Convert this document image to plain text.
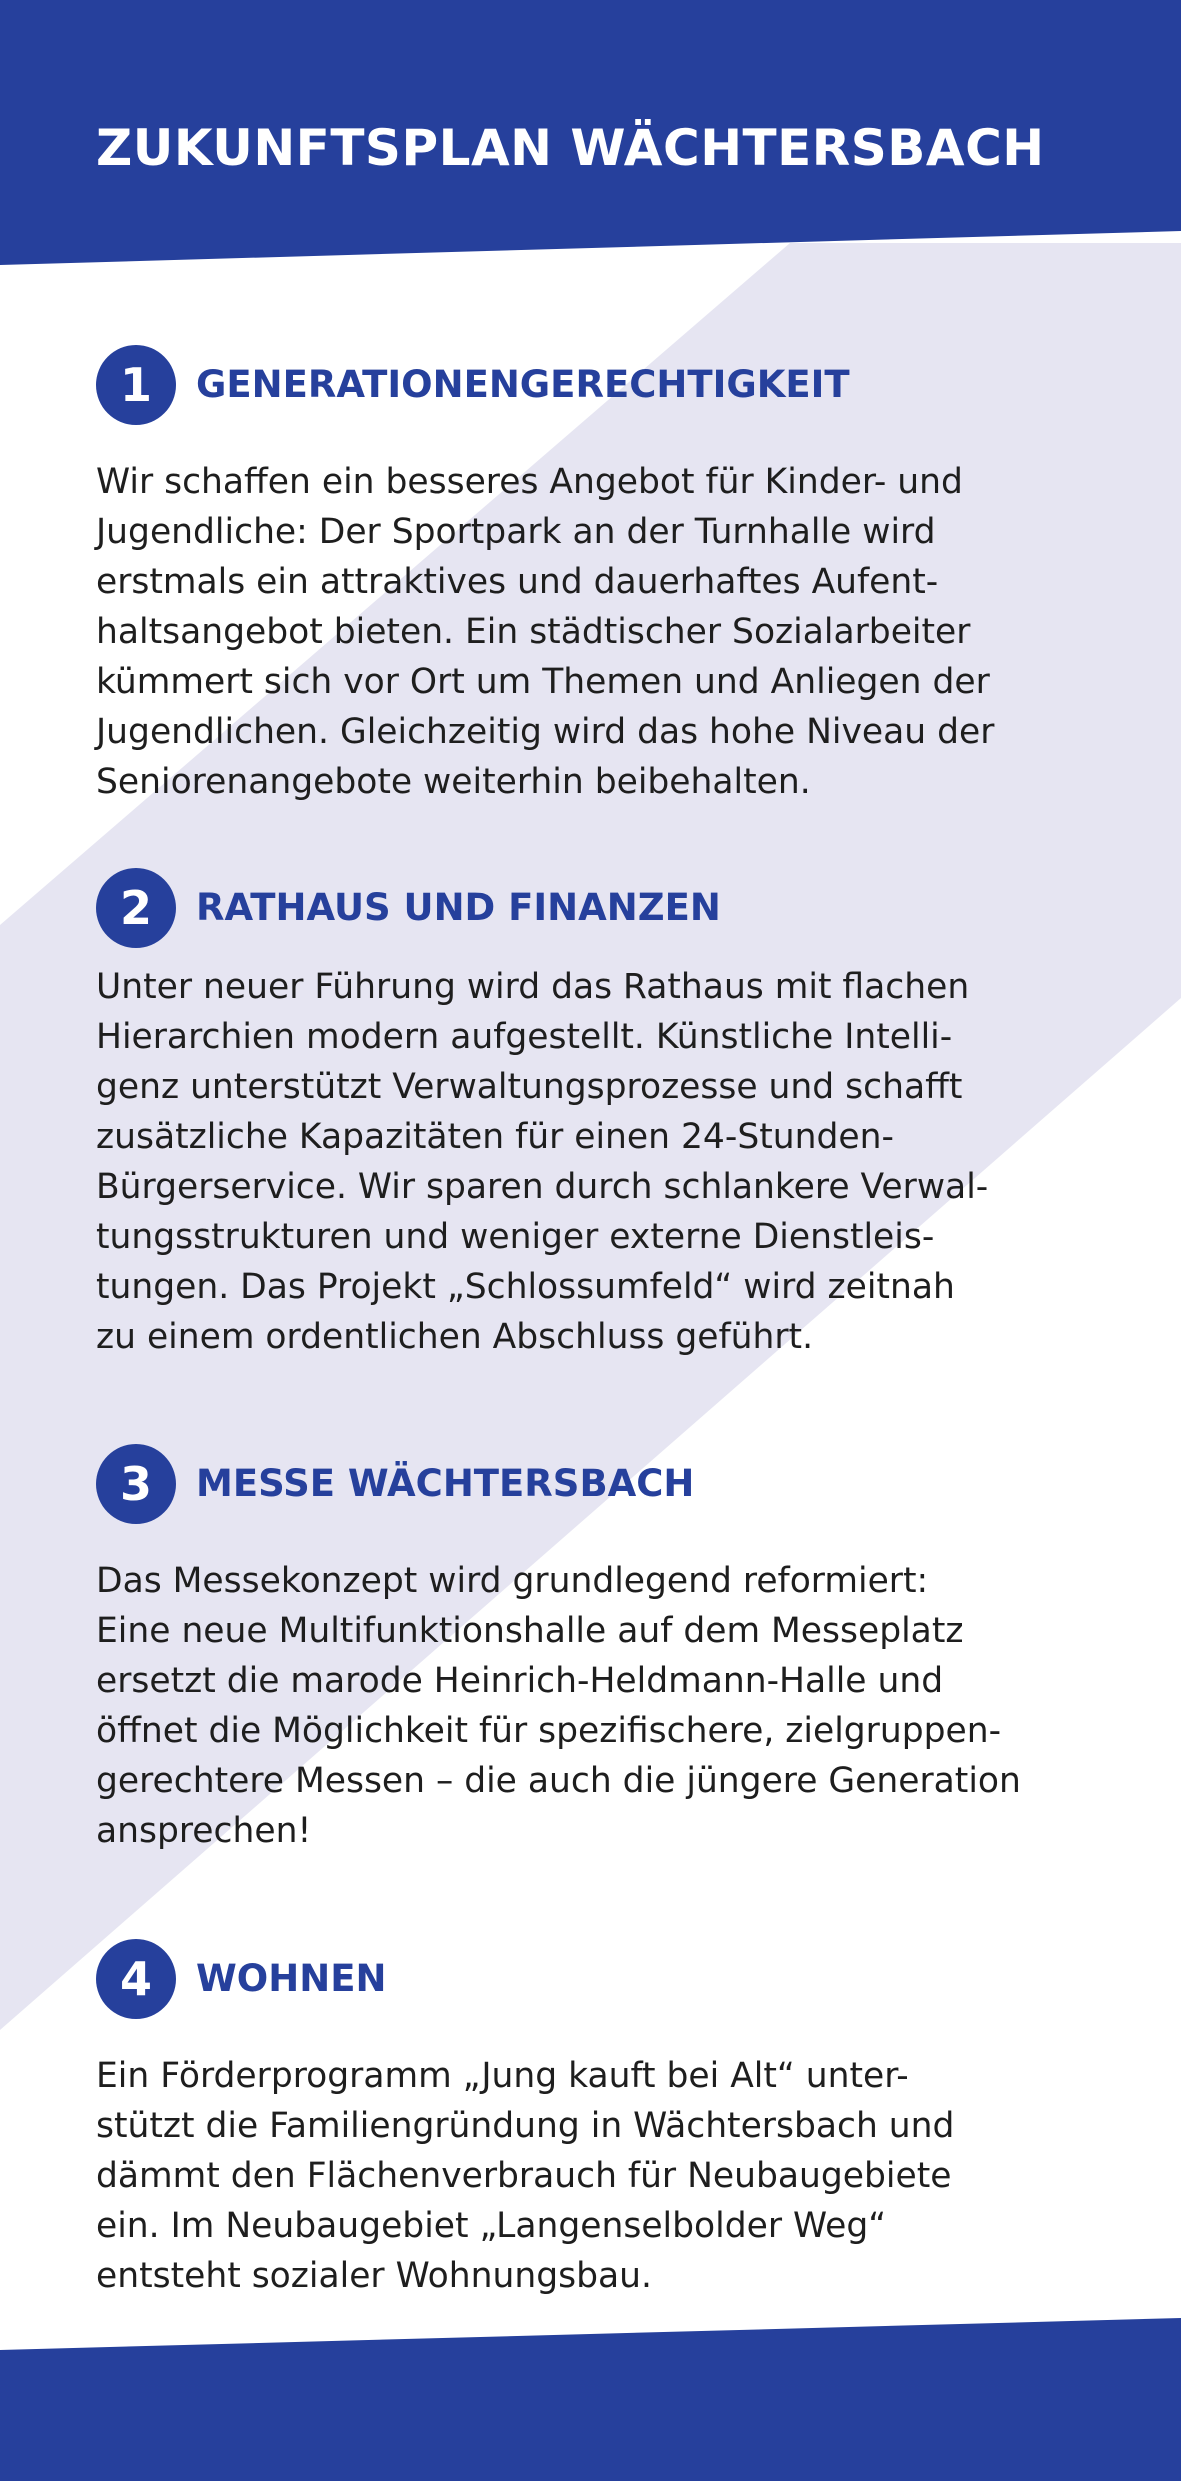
ZUKUNFTSPLAN WÄCHTERSBACH
1	GENERATIONENGERECHTIGKEIT

Wir schaffen ein besseres Angebot für Kinder- und
Jugendliche: Der Sportpark an der Turnhalle wird
erstmals ein attraktives und dauerhaftes Aufent-
haltsangebot bieten. Ein städtischer Sozialarbeiter
kümmert sich vor Ort um Themen und Anliegen der
Jugendlichen. Gleichzeitig wird das hohe Niveau der
Seniorenangebote weiterhin beibehalten.

2	RATHAUS UND FINANZEN

Unter neuer Führung wird das Rathaus mit flachen
Hierarchien modern aufgestellt. Künstliche Intelli-
genz unterstützt Verwaltungsprozesse und schafft
zusätzliche Kapazitäten für einen 24-Stunden-
Bürgerservice. Wir sparen durch schlankere Verwal-
tungsstrukturen und weniger externe Dienstleis-
tungen. Das Projekt „Schlossumfeld“ wird zeitnah
zu einem ordentlichen Abschluss geführt.

3	MESSE WÄCHTERSBACH

Das Messekonzept wird grundlegend reformiert:
Eine neue Multifunktionshalle auf dem Messeplatz
ersetzt die marode Heinrich-Heldmann-Halle und
öffnet die Möglichkeit für spezifischere, zielgruppen-
gerechtere Messen – die auch die jüngere Generation
ansprechen!

4	WOHNEN

Ein Förderprogramm „Jung kauft bei Alt“ unter-
stützt die Familiengründung in Wächtersbach und
dämmt den Flächenverbrauch für Neubaugebiete
ein. Im Neubaugebiet „Langenselbolder Weg“
entsteht sozialer Wohnungsbau.
